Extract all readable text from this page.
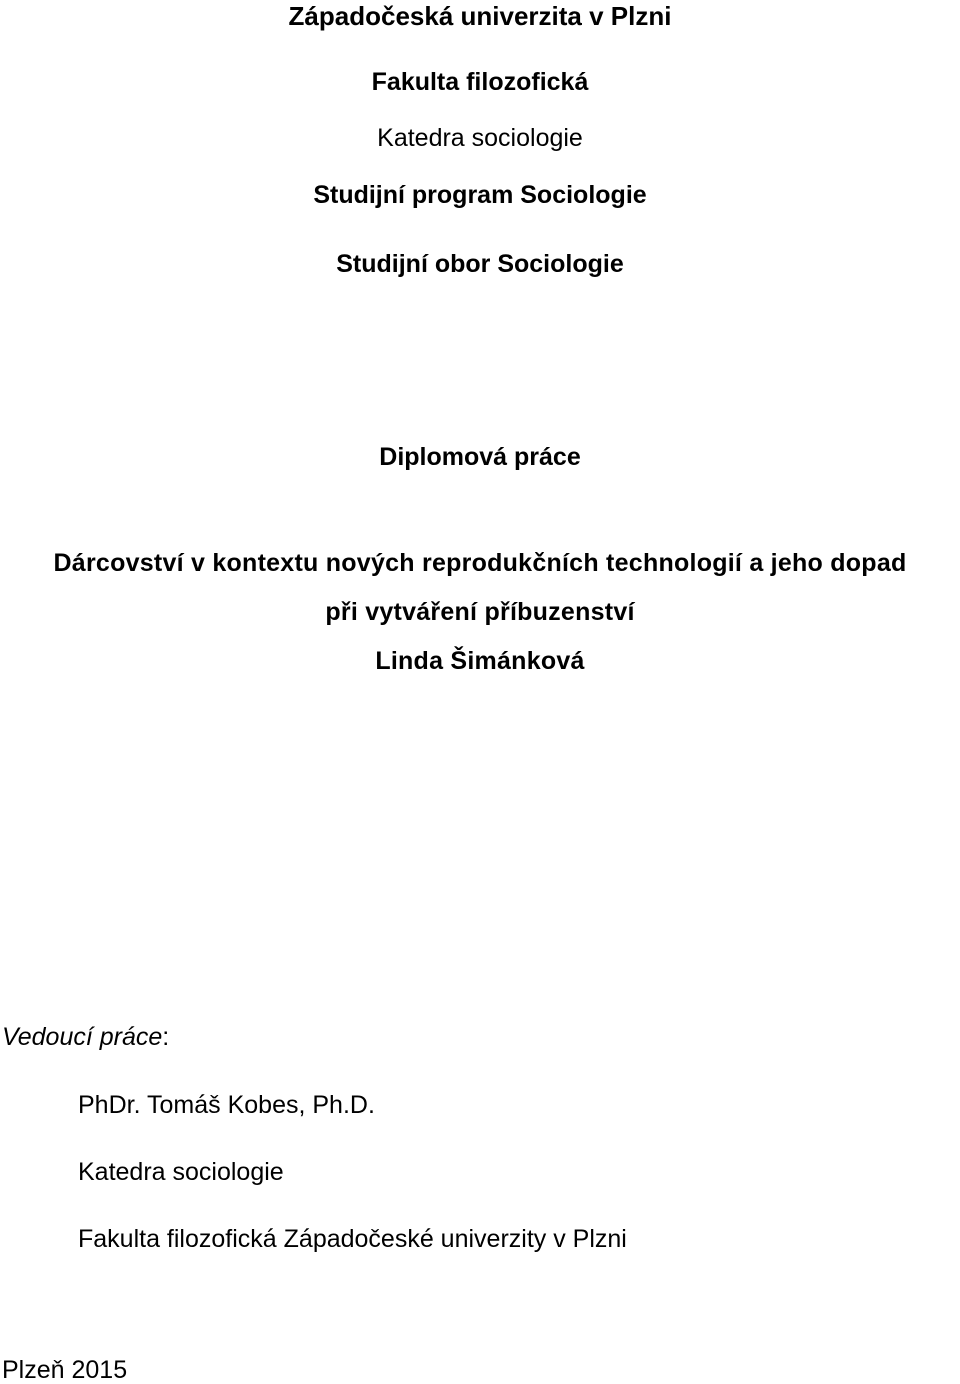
Západočeská univerzita v Plzni

Fakulta filozofická

Katedra sociologie

Studijní program Sociologie

Studijní obor Sociologie

Diplomová práce

Dárcovství v kontextu nových reprodukčních technologií a jeho dopad

při vytváření příbuzenství

Linda Šimánková

Vedoucí práce:

PhDr. Tomáš Kobes, Ph.D.

Katedra sociologie

Fakulta filozofická Západočeské univerzity v Plzni

Plzeň 2015
